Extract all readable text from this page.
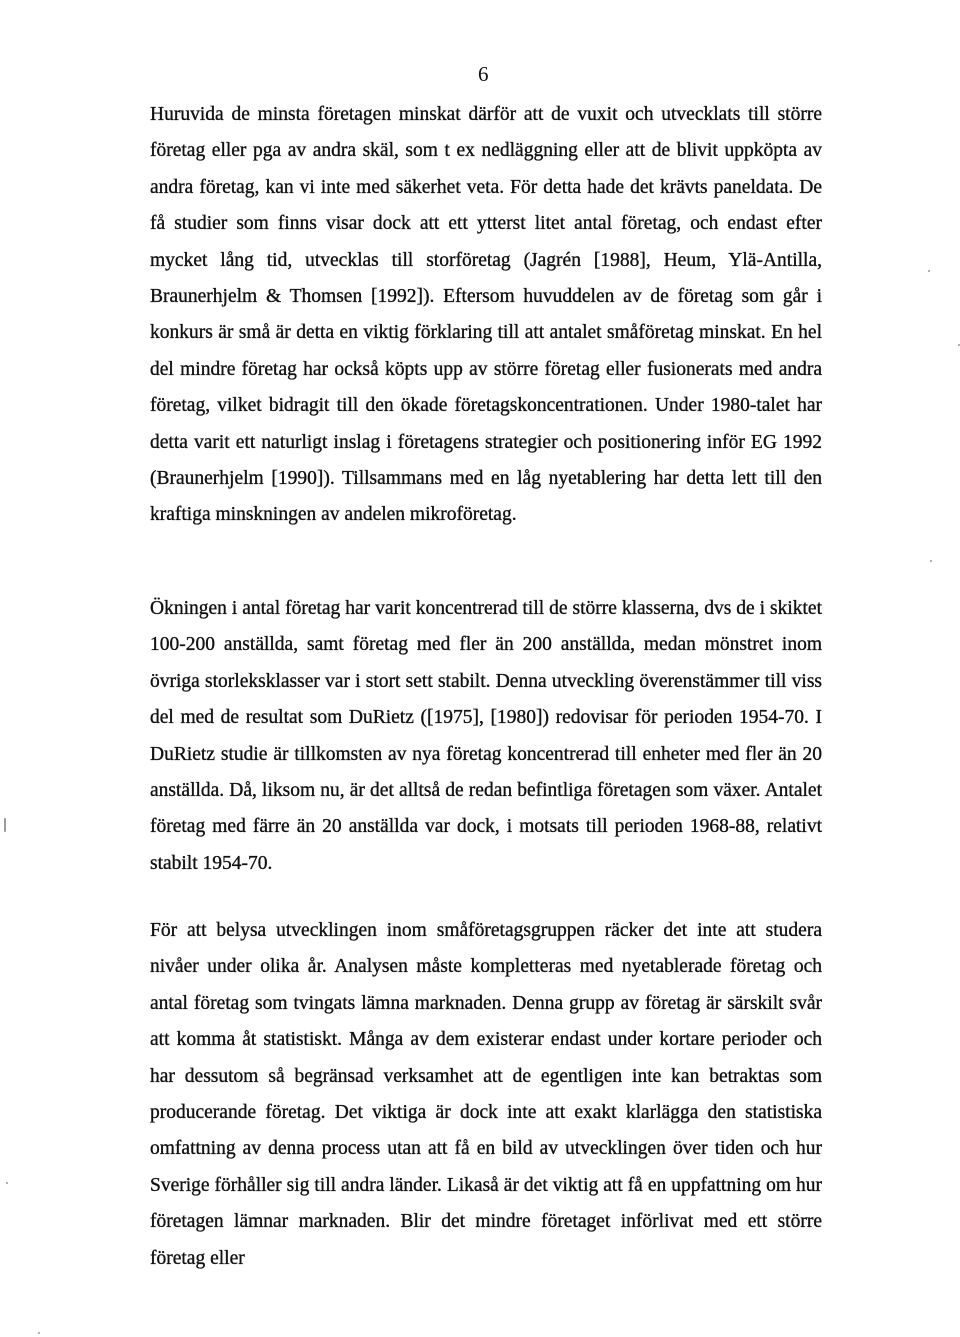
6

Huruvida de minsta företagen minskat därför att de vuxit och utvecklats till större företag eller pga av andra skäl, som t ex nedläggning eller att de blivit uppköpta av andra företag, kan vi inte med säkerhet veta. För detta hade det krävts paneldata. De få studier som finns visar dock att ett ytterst litet antal företag, och endast efter mycket lång tid, utvecklas till storföretag (Jagrén [1988], Heum, Ylä-Antilla, Braunerhjelm & Thomsen [1992]). Eftersom huvuddelen av de företag som går i konkurs är små är detta en viktig förklaring till att antalet småföretag minskat. En hel del mindre företag har också köpts upp av större företag eller fusionerats med andra företag, vilket bidragit till den ökade företagskoncentrationen. Under 1980-talet har detta varit ett naturligt inslag i företagens strategier och positionering inför EG 1992 (Braunerhjelm [1990]). Tillsammans med en låg nyetablering har detta lett till den kraftiga minskningen av andelen mikroföretag.

Ökningen i antal företag har varit koncentrerad till de större klasserna, dvs de i skiktet 100-200 anställda, samt företag med fler än 200 anställda, medan mönstret inom övriga storleksklasser var i stort sett stabilt. Denna utveckling överenstämmer till viss del med de resultat som DuRietz ([1975], [1980]) redovisar för perioden 1954-70. I DuRietz studie är tillkomsten av nya företag koncentrerad till enheter med fler än 20 anställda. Då, liksom nu, är det alltså de redan befintliga företagen som växer. Antalet företag med färre än 20 anställda var dock, i motsats till perioden 1968-88, relativt stabilt 1954-70.

För att belysa utvecklingen inom småföretagsgruppen räcker det inte att studera nivåer under olika år. Analysen måste kompletteras med nyetablerade företag och antal företag som tvingats lämna marknaden. Denna grupp av företag är särskilt svår att komma åt statistiskt. Många av dem existerar endast under kortare perioder och har dessutom så begränsad verksamhet att de egentligen inte kan betraktas som producerande företag. Det viktiga är dock inte att exakt klarlägga den statistiska omfattning av denna process utan att få en bild av utvecklingen över tiden och hur Sverige förhåller sig till andra länder. Likaså är det viktig att få en uppfattning om hur företagen lämnar marknaden. Blir det mindre företaget införlivat med ett större företag eller
